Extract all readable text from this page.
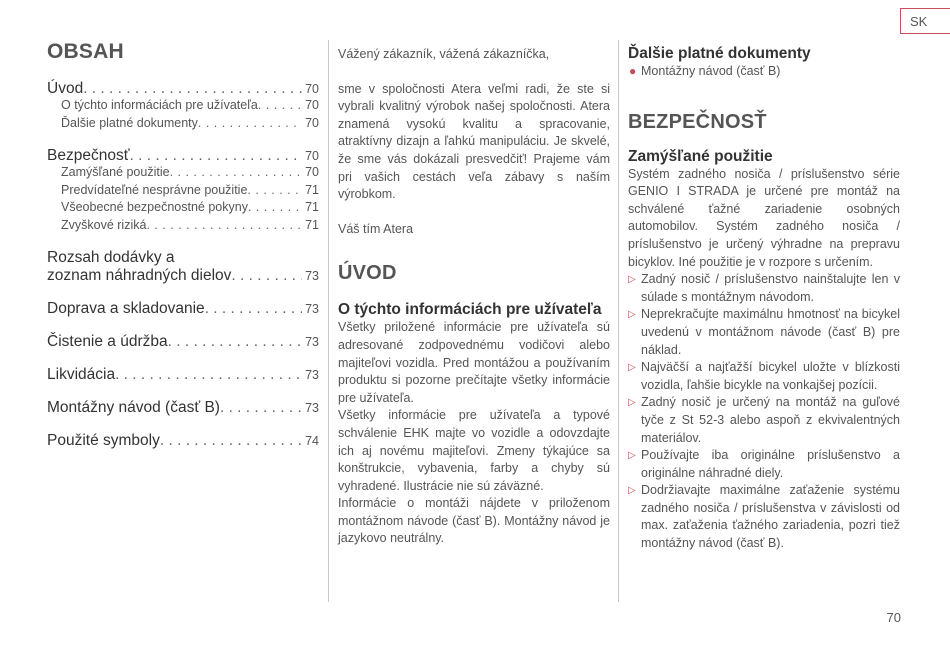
SK
OBSAH
Úvod . . .	70
O týchto informáciách pre užívateľa . . .	70
Ďalšie platné dokumenty . . .	70
Bezpečnosť . . .	70
Zamýšľané použitie . . .	70
Predvídateľné nesprávne použitie . . .	71
Všeobecné bezpečnostné pokyny . . .	71
Zvyškové riziká . . .	71
Rozsah dodávky a
zoznam náhradných dielov . . .	73
Doprava a skladovanie . . .	73
Čistenie a údržba . . .	73
Likvidácia . . .	73
Montážny návod (časť B) . . .	73
Použité symboly . . .	74

Vážený zákazník, vážená zákazníčka,

sme v spoločnosti Atera veľmi radi, že ste si vybrali kvalitný výrobok našej spoločnosti. Atera znamená vysokú kvalitu a spracovanie, atraktívny dizajn a ľahkú manipuláciu. Je skvelé, že sme vás dokázali presvedčiť! Prajeme vám pri vašich cestách veľa zábavy s naším výrobkom.

Váš tím Atera

ÚVOD
O týchto informáciách pre užívateľa

Všetky priložené informácie pre užívateľa sú adresované zodpovednému vodičovi alebo majiteľovi vozidla. Pred montážou a používaním produktu si pozorne prečítajte všetky informácie pre užívateľa.

Všetky informácie pre užívateľa a typové schválenie EHK majte vo vozidle a odovzdajte ich aj novému majiteľovi. Zmeny týkajúce sa konštrukcie, vybavenia, farby a chyby sú vyhradené. Ilustrácie nie sú záväzné.

Informácie o montáži nájdete v priloženom montážnom návode (časť B). Montážny návod je jazykovo neutrálny.

Ďalšie platné dokumenty
● Montážny návod (časť B)
BEZPEČNOSŤ
Zamýšľané použitie

Systém zadného nosiča / príslušenstvo série GENIO I STRADA je určené pre montáž na schválené ťažné zariadenie osobných automobilov. Systém zadného nosiča / príslušenstvo je určený výhradne na prepravu bicyklov. Iné použitie je v rozpore s určením.

▷ Zadný nosič / príslušenstvo nainštalujte len v súlade s montážnym návodom.
▷ Neprekračujte maximálnu hmotnosť na bicykel uvedenú v montážnom návode (časť B) pre náklad.
▷ Najväčší a najťažší bicykel uložte v blízkosti vozidla, ľahšie bicykle na vonkajšej pozícii.
▷ Zadný nosič je určený na montáž na guľové tyče z St 52-3 alebo aspoň z ekvivalentných materiálov.
▷ Používajte iba originálne príslušenstvo a originálne náhradné diely.
▷ Dodržiavajte maximálne zaťaženie systému zadného nosiča / príslušenstva v závislosti od max. zaťaženia ťažného zariadenia, pozri tiež montážny návod (časť B).
70
